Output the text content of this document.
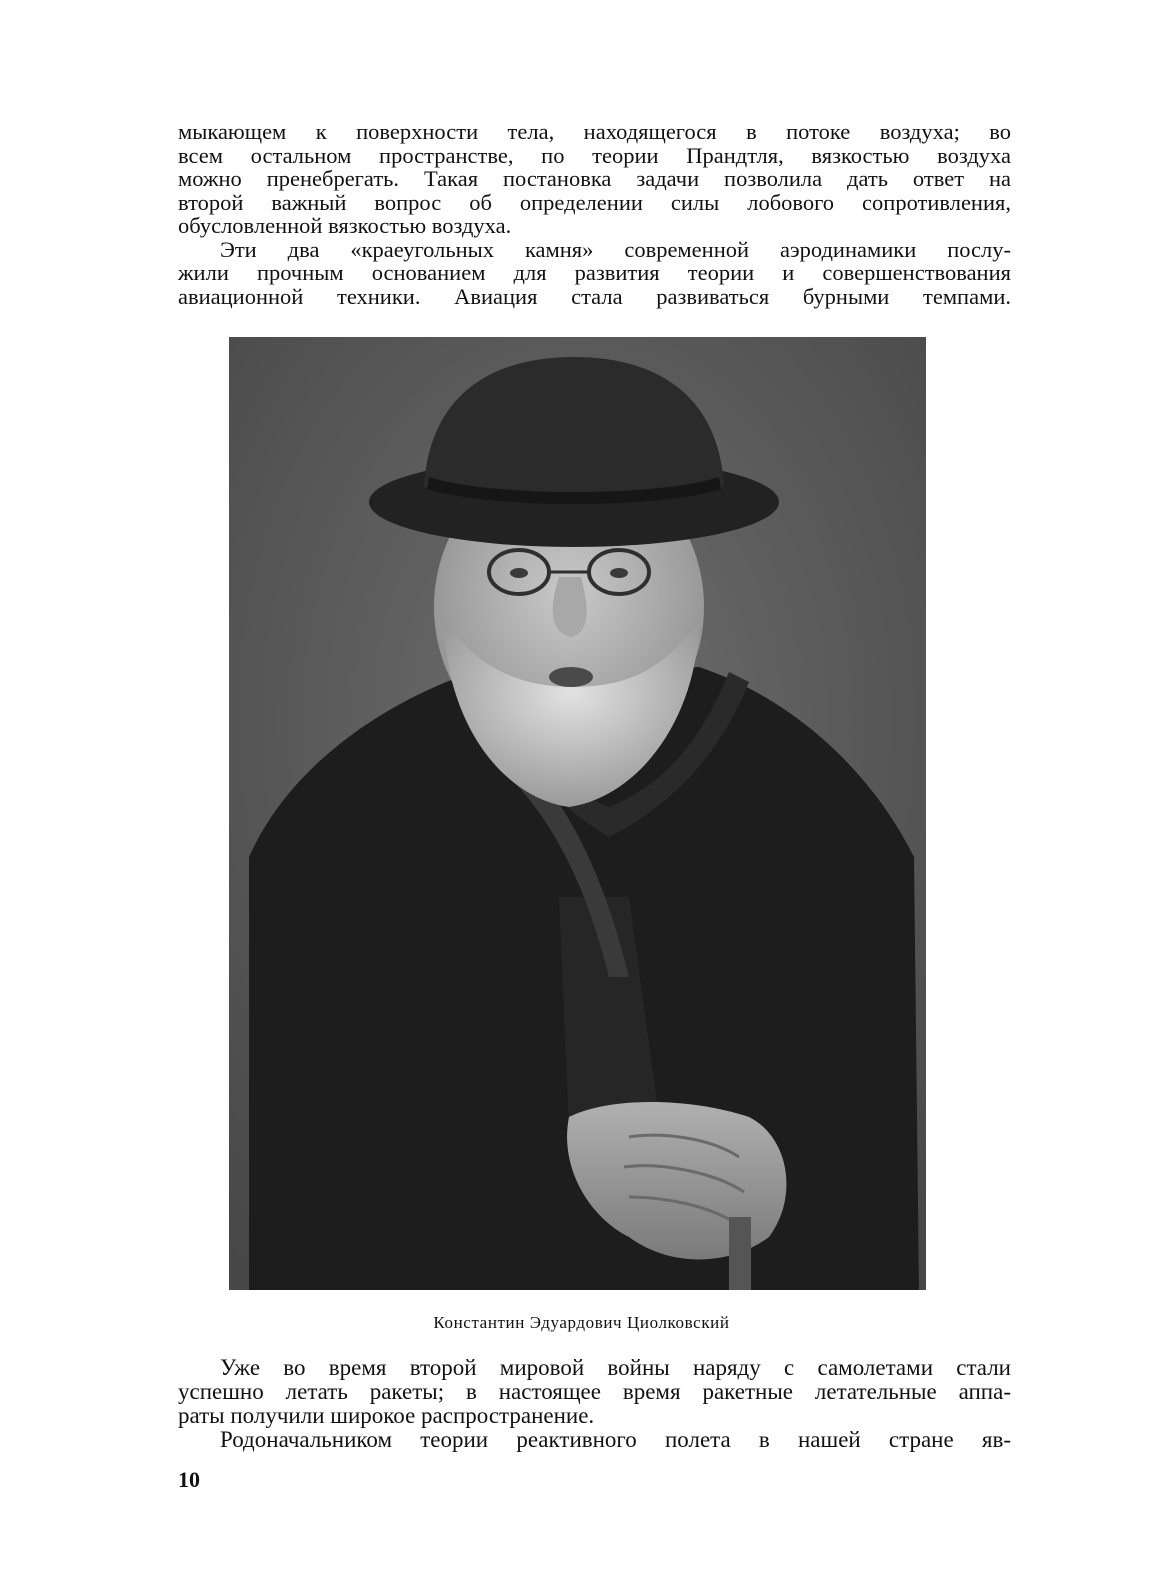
мыкающем к поверхности тела, находящегося в потоке воздуха; во
всем остальном пространстве, по теории Прандтля, вязкостью воздуха
можно пренебрегать. Такая постановка задачи позволила дать ответ на
второй важный вопрос об определении силы лобового сопротивления,
обусловленной вязкостью воздуха.

Эти два «краеугольных камня» современной аэродинамики послу-
жили прочным основанием для развития теории и совершенствования
авиационной техники. Авиация стала развиваться бурными темпами.

Константин Эдуардович Циолковский

Уже во время второй мировой войны наряду с самолетами стали
успешно летать ракеты; в настоящее время ракетные летательные аппа-
раты получили широкое распространение.

Родоначальником теории реактивного полета в нашей стране яв-

10
